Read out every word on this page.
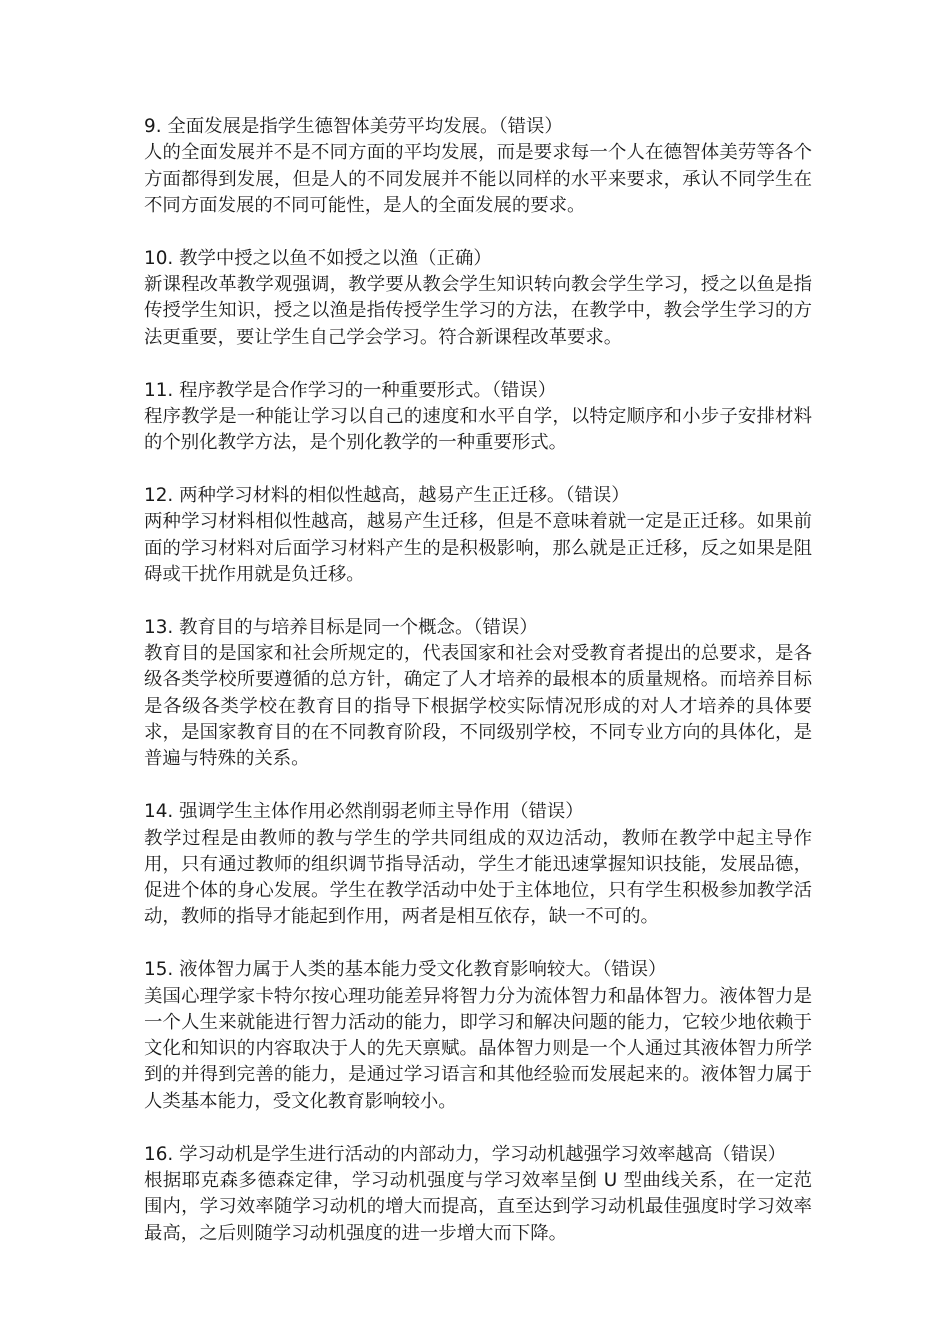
9. 全面发展是指学生德智体美劳平均发展。（错误）
人的全面发展并不是不同方面的平均发展，而是要求每一个人在德智体美劳等各个方面都得到发展，但是人的不同发展并不能以同样的水平来要求，承认不同学生在不同方面发展的不同可能性，是人的全面发展的要求。
10. 教学中授之以鱼不如授之以渔（正确）
新课程改革教学观强调，教学要从教会学生知识转向教会学生学习，授之以鱼是指传授学生知识，授之以渔是指传授学生学习的方法，在教学中，教会学生学习的方法更重要，要让学生自己学会学习。符合新课程改革要求。
11. 程序教学是合作学习的一种重要形式。（错误）
程序教学是一种能让学习以自己的速度和水平自学，以特定顺序和小步子安排材料的个别化教学方法，是个别化教学的一种重要形式。
12. 两种学习材料的相似性越高，越易产生正迁移。（错误）
两种学习材料相似性越高，越易产生迁移，但是不意味着就一定是正迁移。如果前面的学习材料对后面学习材料产生的是积极影响，那么就是正迁移，反之如果是阻碍或干扰作用就是负迁移。
13. 教育目的与培养目标是同一个概念。（错误）
教育目的是国家和社会所规定的，代表国家和社会对受教育者提出的总要求，是各级各类学校所要遵循的总方针，确定了人才培养的最根本的质量规格。而培养目标是各级各类学校在教育目的指导下根据学校实际情况形成的对人才培养的具体要求，是国家教育目的在不同教育阶段，不同级别学校，不同专业方向的具体化，是普遍与特殊的关系。
14. 强调学生主体作用必然削弱老师主导作用（错误）
教学过程是由教师的教与学生的学共同组成的双边活动，教师在教学中起主导作用，只有通过教师的组织调节指导活动，学生才能迅速掌握知识技能，发展品德，促进个体的身心发展。学生在教学活动中处于主体地位，只有学生积极参加教学活动，教师的指导才能起到作用，两者是相互依存，缺一不可的。
15. 液体智力属于人类的基本能力受文化教育影响较大。（错误）
美国心理学家卡特尔按心理功能差异将智力分为流体智力和晶体智力。液体智力是一个人生来就能进行智力活动的能力，即学习和解决问题的能力，它较少地依赖于文化和知识的内容取决于人的先天禀赋。晶体智力则是一个人通过其液体智力所学到的并得到完善的能力，是通过学习语言和其他经验而发展起来的。液体智力属于人类基本能力，受文化教育影响较小。
16. 学习动机是学生进行活动的内部动力，学习动机越强学习效率越高（错误）
根据耶克森多德森定律，学习动机强度与学习效率呈倒 U 型曲线关系，在一定范围内，学习效率随学习动机的增大而提高，直至达到学习动机最佳强度时学习效率最高，之后则随学习动机强度的进一步增大而下降。
